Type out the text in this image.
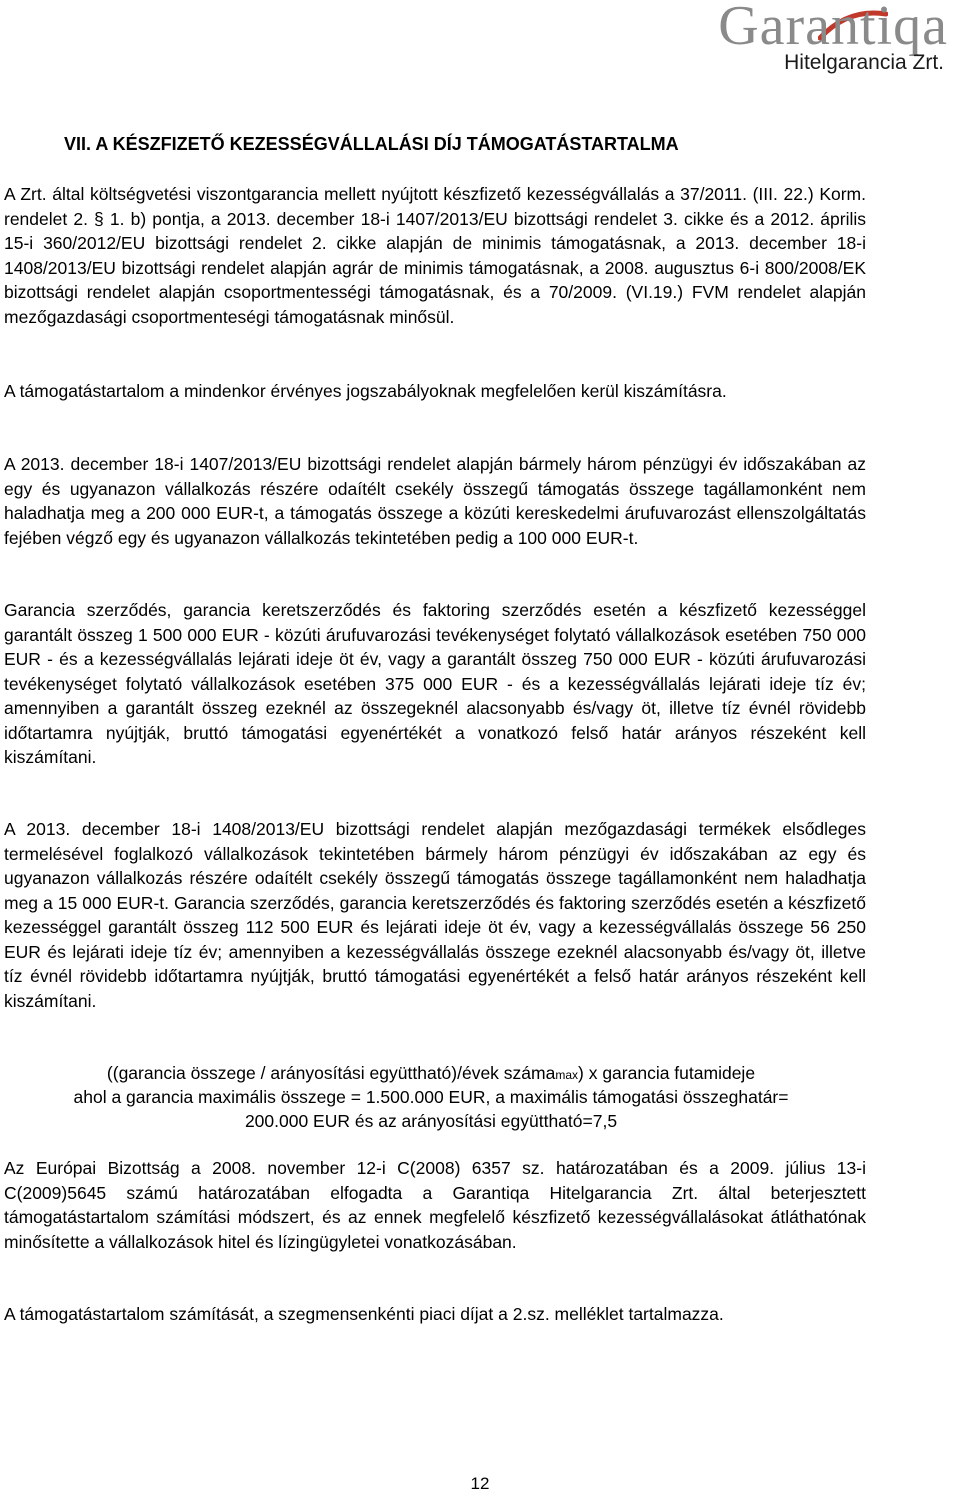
Garantiqa
Hitelgarancia Zrt.
VII. A KÉSZFIZETŐ KEZESSÉGVÁLLALÁSI DÍJ TÁMOGATÁSTARTALMA

A Zrt. által költségvetési viszontgarancia mellett nyújtott készfizető kezességvállalás a 37/2011. (III. 22.) Korm. rendelet 2. § 1. b) pontja, a 2013. december 18-i 1407/2013/EU bizottsági rendelet 3. cikke és a 2012. április 15-i 360/2012/EU bizottsági rendelet 2. cikke alapján de minimis támogatásnak, a 2013. december 18-i 1408/2013/EU bizottsági rendelet alapján agrár de minimis támogatásnak, a 2008. augusztus 6-i 800/2008/EK bizottsági rendelet alapján csoportmentességi támogatásnak, és a 70/2009. (VI.19.) FVM rendelet alapján mezőgazdasági csoportmenteségi támogatásnak minősül.

A támogatástartalom a mindenkor érvényes jogszabályoknak megfelelően kerül kiszámításra.

A 2013. december 18-i 1407/2013/EU bizottsági rendelet alapján bármely három pénzügyi év időszakában az egy és ugyanazon vállalkozás részére odaítélt csekély összegű támogatás összege tagállamonként nem haladhatja meg a 200 000 EUR-t, a támogatás összege a közúti kereskedelmi árufuvarozást ellenszolgáltatás fejében végző egy és ugyanazon vállalkozás tekintetében pedig a 100 000 EUR-t.

Garancia szerződés, garancia keretszerződés és faktoring szerződés esetén a készfizető kezességgel garantált összeg 1 500 000 EUR - közúti árufuvarozási tevékenységet folytató vállalkozások esetében 750 000 EUR - és a kezességvállalás lejárati ideje öt év, vagy a garantált összeg 750 000 EUR - közúti árufuvarozási tevékenységet folytató vállalkozások esetében 375 000 EUR - és a kezességvállalás lejárati ideje tíz év; amennyiben a garantált összeg ezeknél az összegeknél alacsonyabb és/vagy öt, illetve tíz évnél rövidebb időtartamra nyújtják, bruttó támogatási egyenértékét a vonatkozó felső határ arányos részeként kell kiszámítani.

A 2013. december 18-i 1408/2013/EU bizottsági rendelet alapján mezőgazdasági termékek elsődleges termelésével foglalkozó vállalkozások tekintetében bármely három pénzügyi év időszakában az egy és ugyanazon vállalkozás részére odaítélt csekély összegű támogatás összege tagállamonként nem haladhatja meg a 15 000 EUR-t. Garancia szerződés, garancia keretszerződés és faktoring szerződés esetén a készfizető kezességgel garantált összeg 112 500 EUR és lejárati ideje öt év, vagy a kezességvállalás összege 56 250 EUR és lejárati ideje tíz év; amennyiben a kezességvállalás összege ezeknél alacsonyabb és/vagy öt, illetve tíz évnél rövidebb időtartamra nyújtják, bruttó támogatási egyenértékét a felső határ arányos részeként kell kiszámítani.

((garancia összege / arányosítási együttható)/évek számamax) x garancia futamideje
ahol a garancia maximális összege = 1.500.000 EUR, a maximális támogatási összeghatár=
200.000 EUR és az arányosítási együttható=7,5

Az Európai Bizottság a 2008. november 12-i C(2008) 6357 sz. határozatában és a 2009. július 13-i C(2009)5645 számú határozatában elfogadta a Garantiqa Hitelgarancia Zrt. által beterjesztett támogatástartalom számítási módszert, és az ennek megfelelő készfizető kezességvállalásokat átláthatónak minősítette a vállalkozások hitel és lízingügyletei vonatkozásában.

A támogatástartalom számítását, a szegmensenkénti piaci díjat a 2.sz. melléklet tartalmazza.

12
